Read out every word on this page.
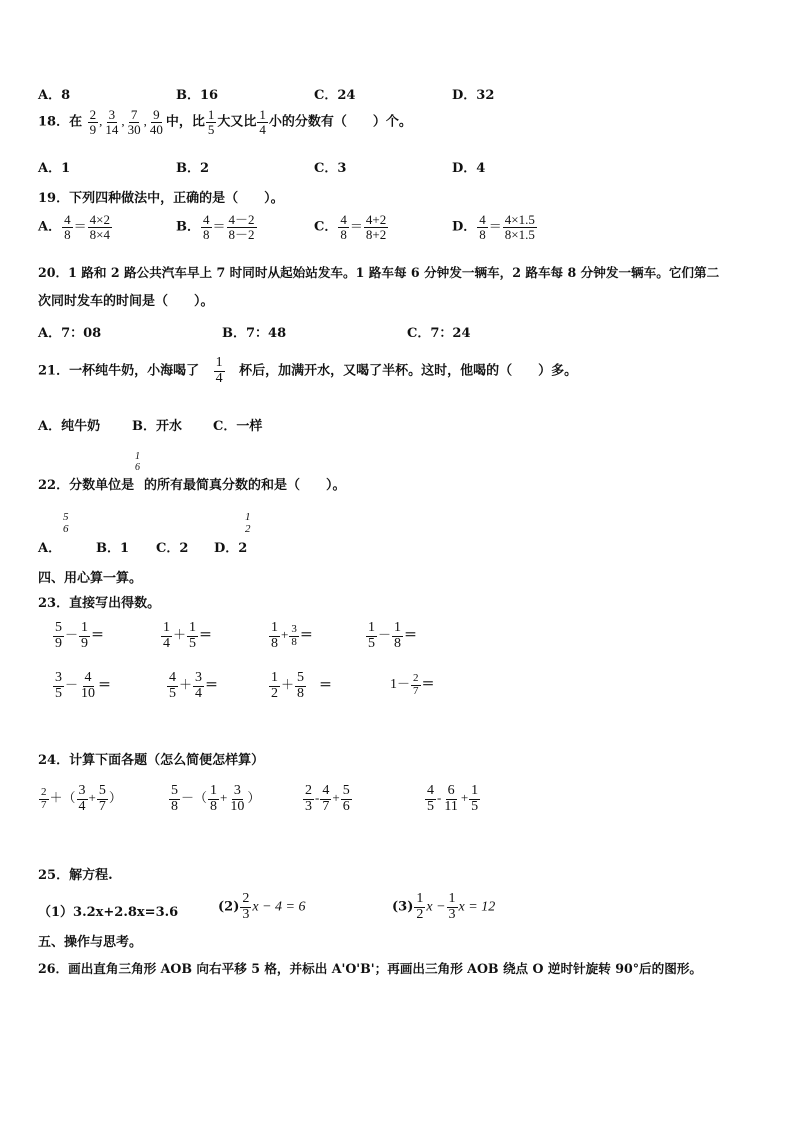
A．8	B．16	C．24	D．32
18．在 $\frac{2}{9}$ , $\frac{3}{14}$ , $\frac{7}{30}$ , $\frac{9}{40}$ 中，比 $\frac{1}{5}$ 大又比 $\frac{1}{4}$ 小的分数有（　　）个。
A．1	B．2	C．3	D．4
19．下列四种做法中，正确的是（　　）。
A． $\frac{4}{8} = \frac{4\times 2}{8\times 4}$	B． $\frac{4}{8} = \frac{4-2}{8-2}$	C． $\frac{4}{8} = \frac{4+2}{8+2}$	D． $\frac{4}{8} = \frac{4\times 1.5}{8\times 1.5}$
20．1 路和 2 路公共汽车早上 7 时同时从起始站发车。1 路车每 6 分钟发一辆车，2 路车每 8 分钟发一辆车。它们第二
次同时发车的时间是（　　）。
A．7：08	B．7：48	C．7：24
21．一杯纯牛奶，小海喝了 $\frac{1}{4}$ 杯后，加满开水，又喝了半杯。这时，他喝的（　　）多。
A．纯牛奶 B．开水 C．一样
22．分数单位是
1
6
的所有最简真分数的和是（　　）。
A．
5
6
B．1 C．2 D．2
1
2
四、用心算一算。
23．直接写出得数。
$\frac{5}{9} - \frac{1}{9}$ ＝	$\frac{1}{4} + \frac{1}{5}$ ＝	$\frac{1}{8} + \frac{3}{8}$ ＝	$\frac{1}{5} - \frac{1}{8}$ ＝
$\frac{3}{5} - \frac{4}{10}$ ＝	$\frac{4}{5} + \frac{3}{4}$ ＝	$\frac{1}{2} + \frac{5}{8}$ ＝	$1- \frac{2}{7}$ ＝
24．计算下面各题（怎么简便怎样算）
$\frac{2}{7}$ ＋（ $\frac{3}{4} + \frac{5}{7}$ ）	$\frac{5}{8}$ －（ $\frac{1}{8} + \frac{3}{10}$ ）	$\frac{2}{3} - \frac{4}{7} + \frac{5}{6}$	$\frac{4}{5} - \frac{6}{11} + \frac{1}{5}$
25．解方程.
（1）3.2x+2.8x=3.6	$(2) \frac{2}{3}$ x − 4 = 6	$(3) \frac{1}{2}$ $x - \frac{1}{3}$ x = 12
五、操作与思考。
26．画出直角三角形 AOB 向右平移 5 格，并标出 A'O'B'；再画出三角形 AOB 绕点 O 逆时针旋转 90°后的图形。
